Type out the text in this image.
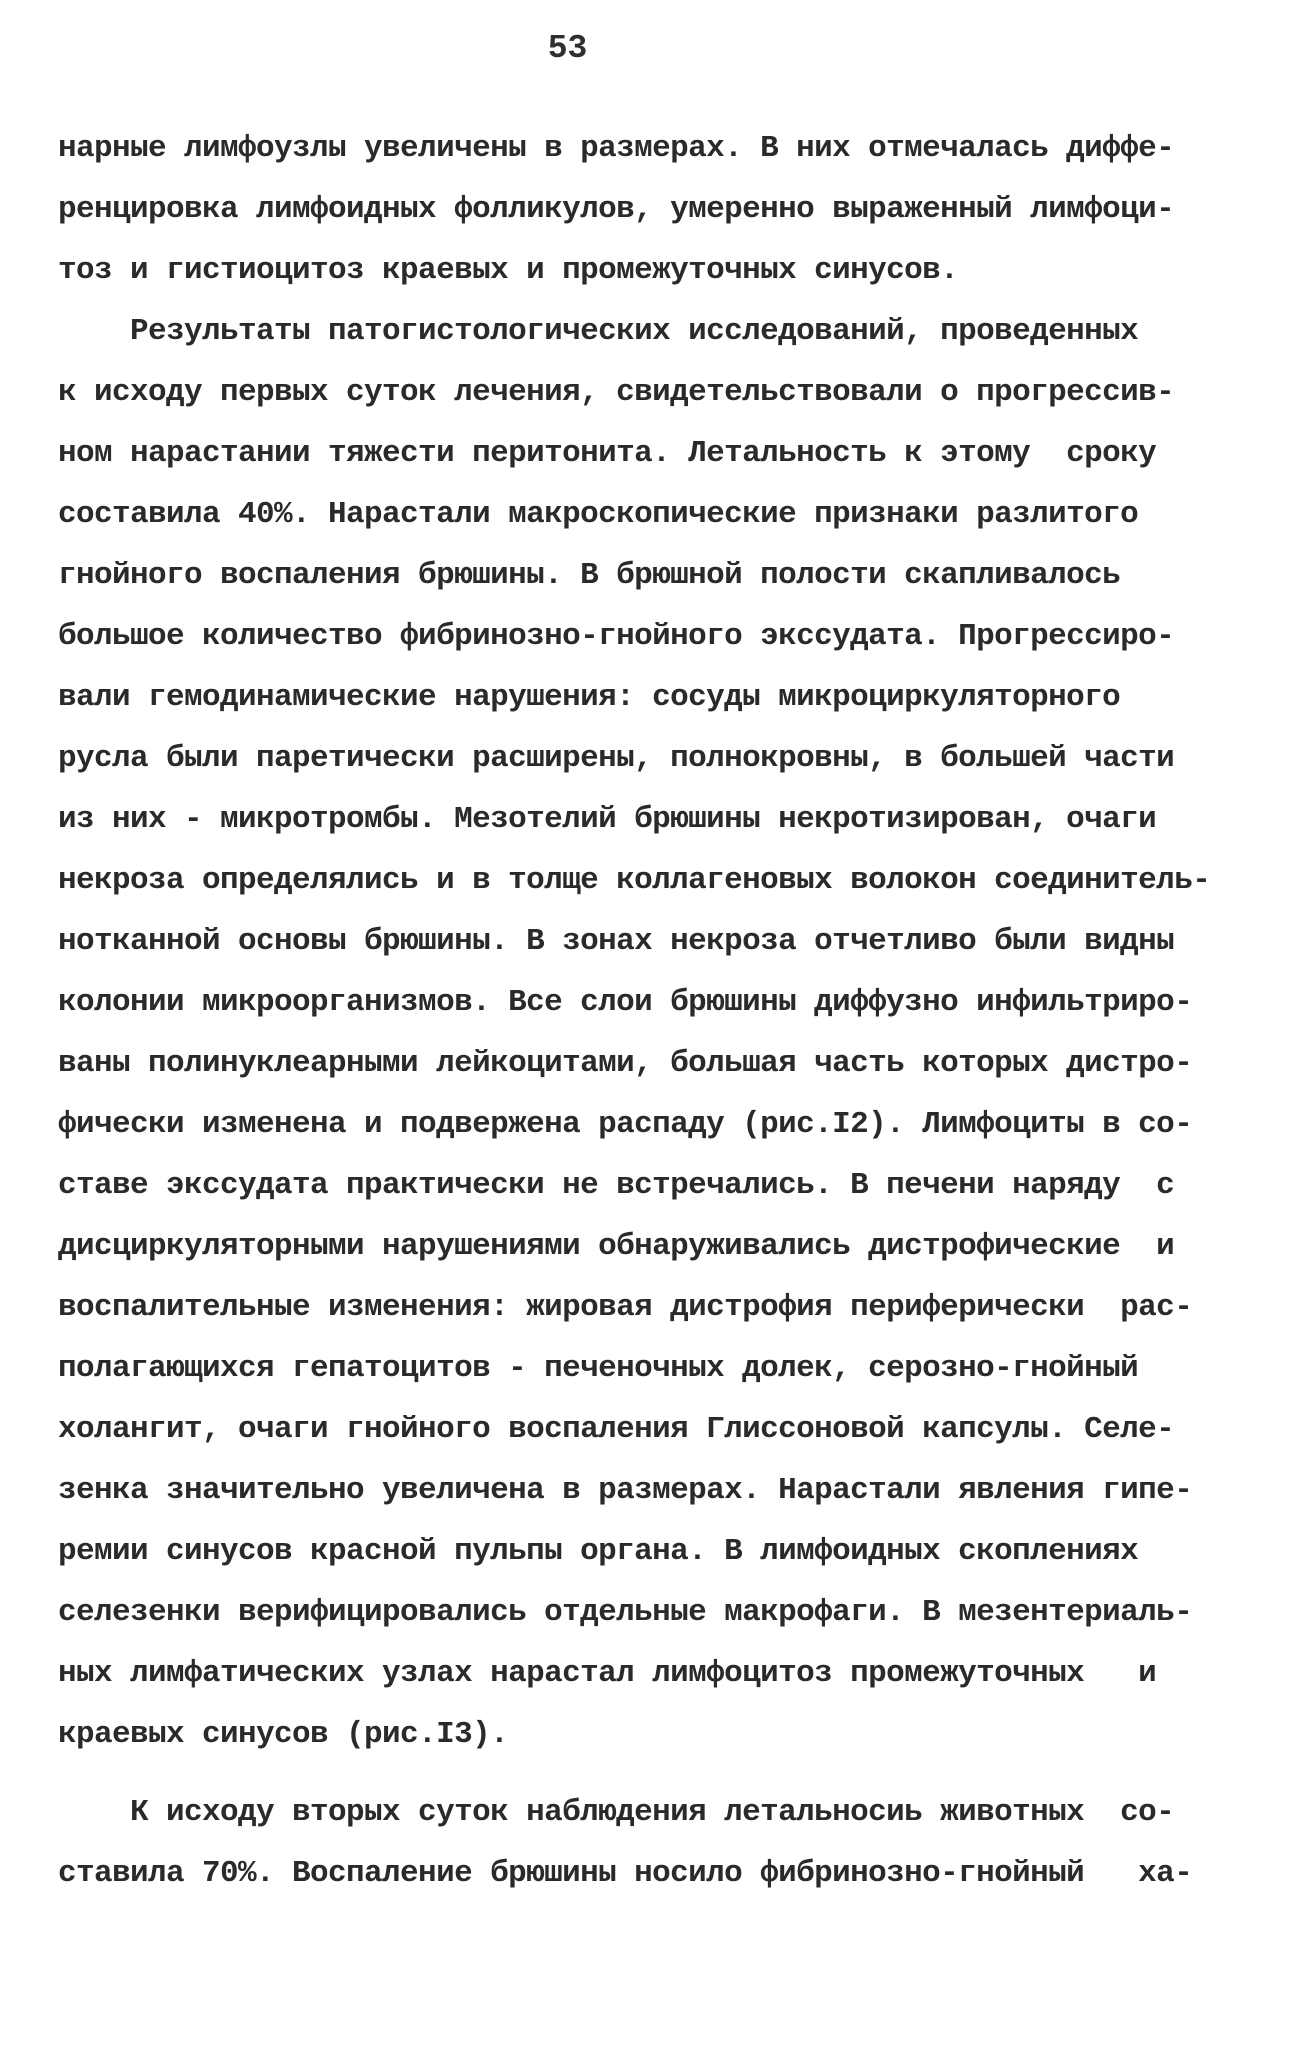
53
нарные лимфоузлы увеличены в размерах. В них отмечалась диффе-
ренцировка лимфоидных фолликулов, умеренно выраженный лимфоци-
тоз и гистиоцитоз краевых и промежуточных синусов.
Результаты патогистологических исследований, проведенных
к исходу первых суток лечения, свидетельствовали о прогрессив-
ном нарастании тяжести перитонита. Летальность к этому  сроку
составила 40%. Нарастали макроскопические признаки разлитого
гнойного воспаления брюшины. В брюшной полости скапливалось
большое количество фибринозно-гнойного экссудата. Прогрессиро-
вали гемодинамические нарушения: сосуды микроциркуляторного
русла были паретически расширены, полнокровны, в большей части
из них - микротромбы. Мезотелий брюшины некротизирован, очаги
некроза определялись и в толще коллагеновых волокон соединитель-
нотканной основы брюшины. В зонах некроза отчетливо были видны
колонии микроорганизмов. Все слои брюшины диффузно инфильтриро-
ваны полинуклеарными лейкоцитами, большая часть которых дистро-
фически изменена и подвержена распаду (рис.I2). Лимфоциты в со-
ставе экссудата практически не встречались. В печени наряду  с
дисциркуляторными нарушениями обнаруживались дистрофические  и
воспалительные изменения: жировая дистрофия периферически  рас-
полагающихся гепатоцитов - печеночных долек, серозно-гнойный
холангит, очаги гнойного воспаления Глиссоновой капсулы. Селе-
зенка значительно увеличена в размерах. Нарастали явления гипе-
ремии синусов красной пульпы органа. В лимфоидных скоплениях
селезенки верифицировались отдельные макрофаги. В мезентериаль-
ных лимфатических узлах нарастал лимфоцитоз промежуточных   и
краевых синусов (рис.I3).
К исходу вторых суток наблюдения летальносиь животных  со-
ставила 70%. Воспаление брюшины носило фибринозно-гнойный   ха-
